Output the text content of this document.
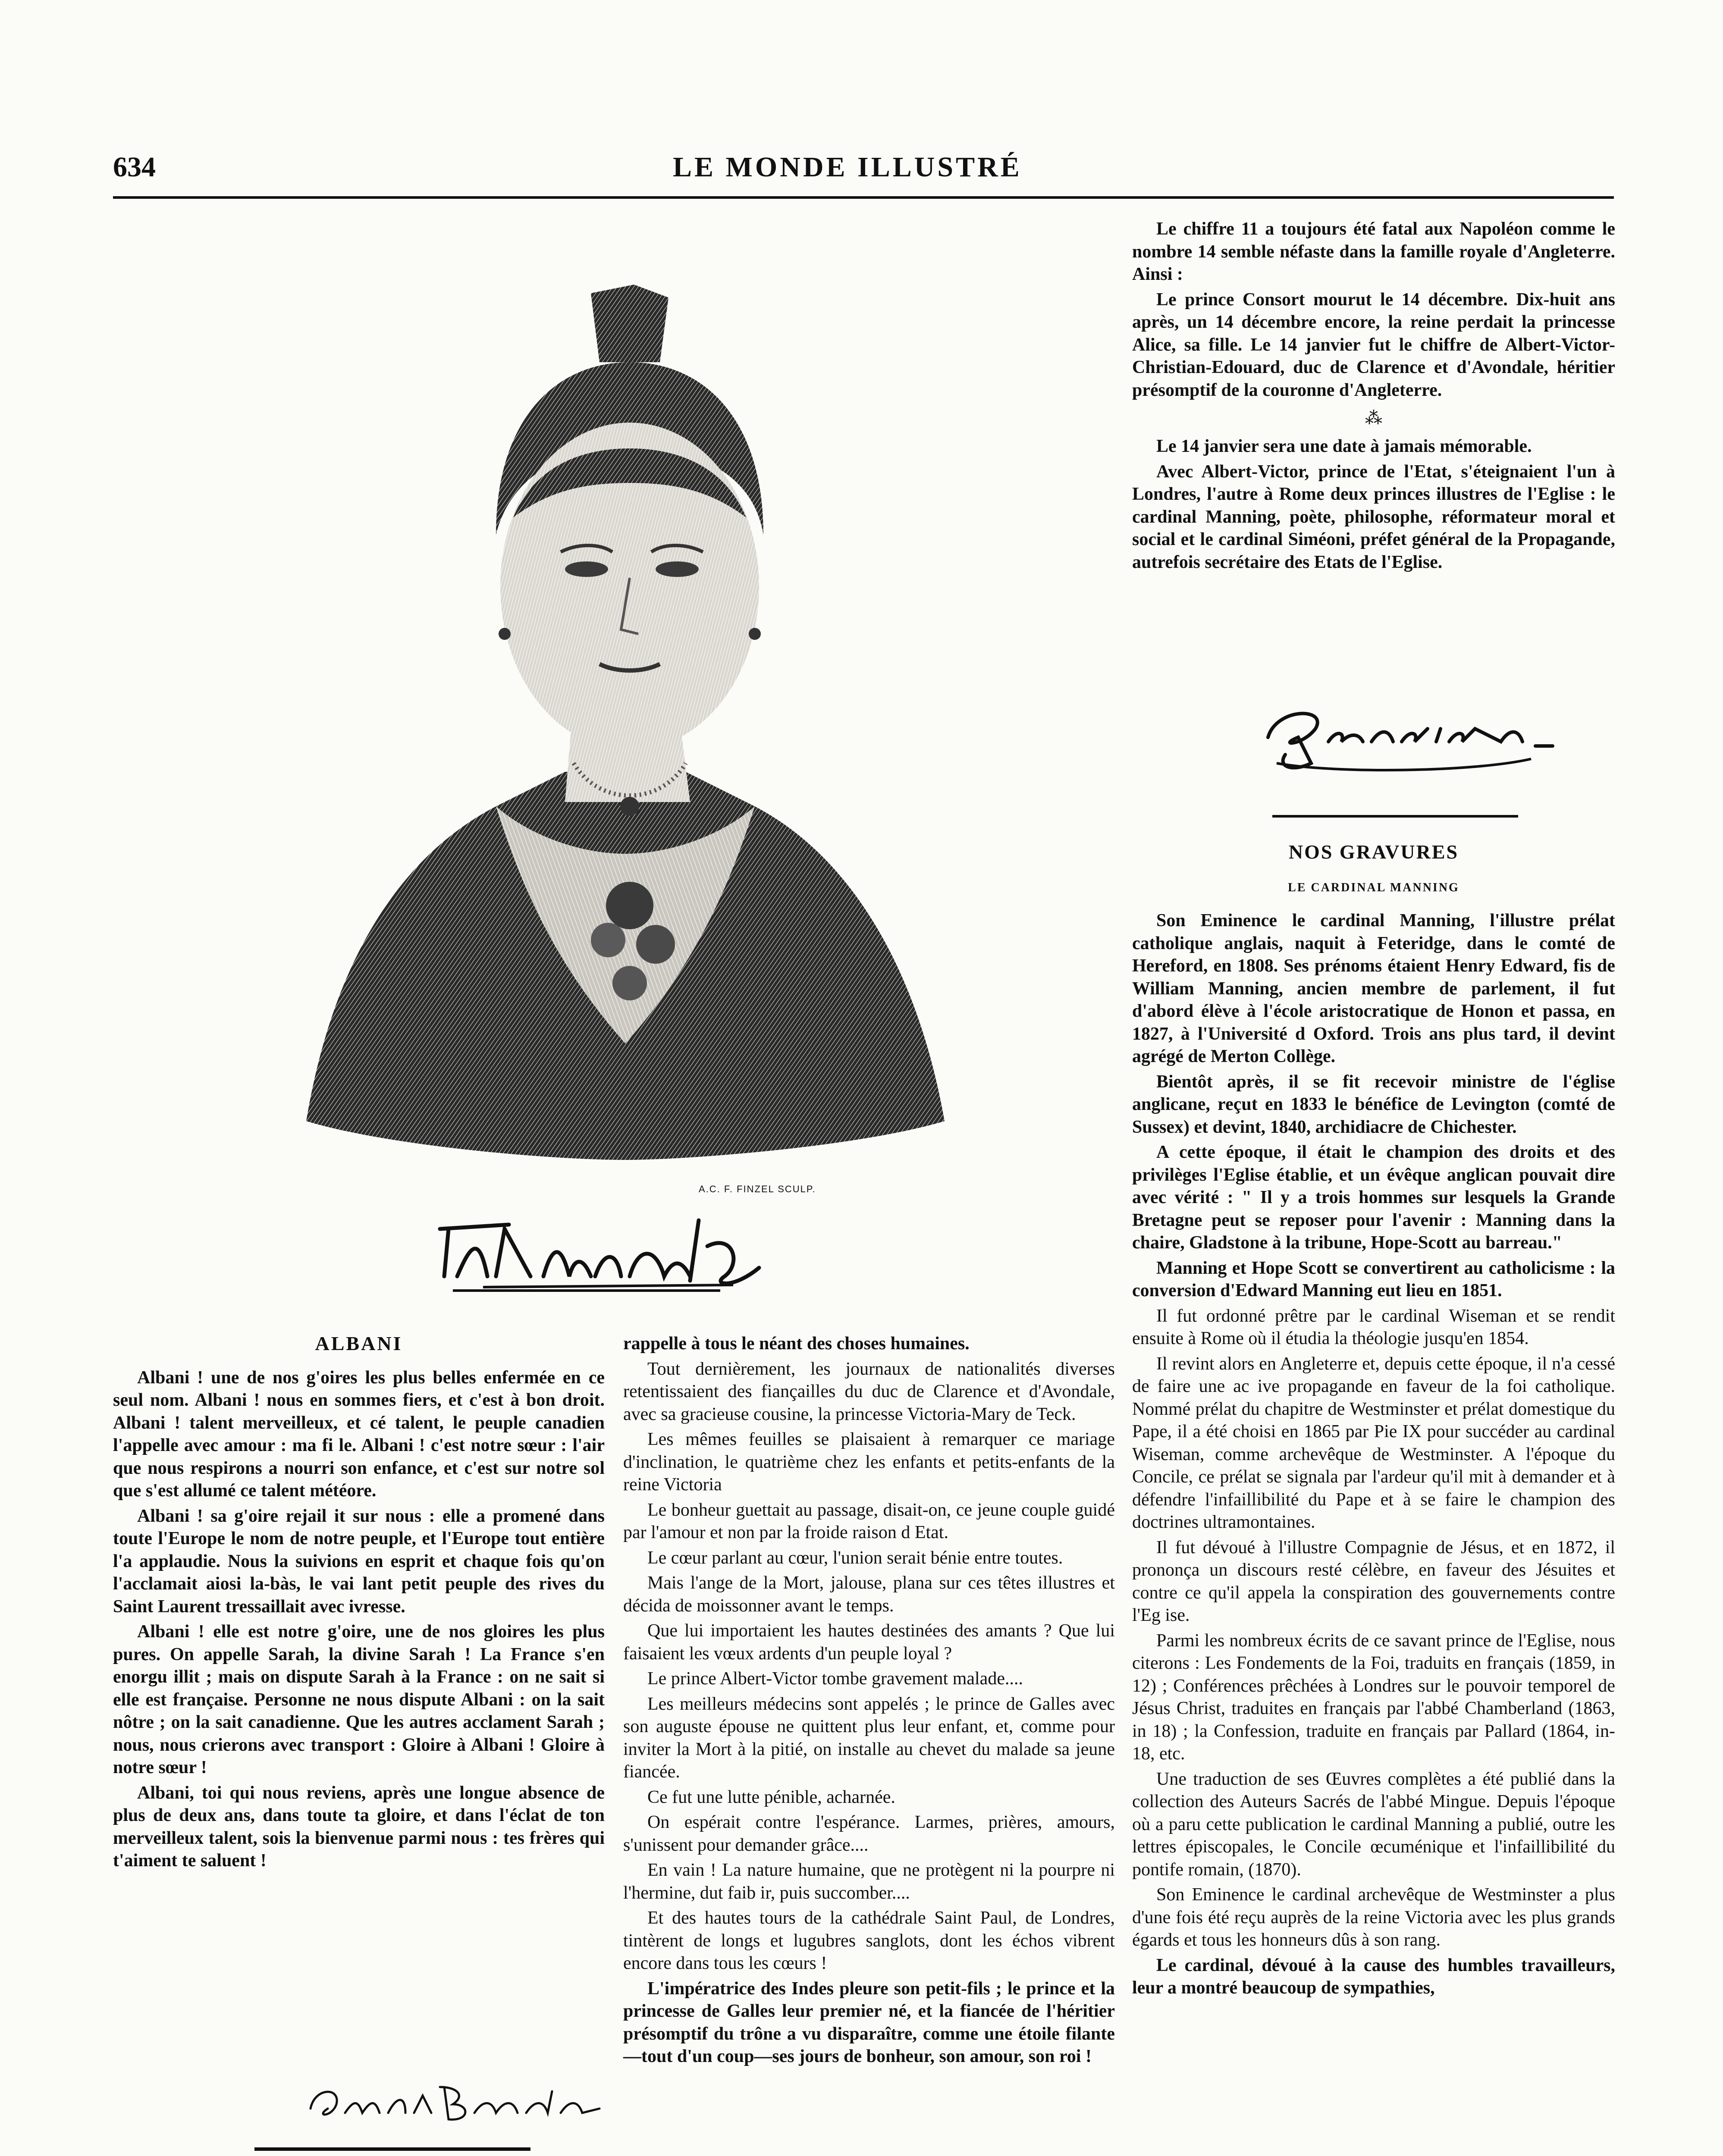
634	LE MONDE ILLUSTRÉ
A.C. F. FINZEL SCULP.
ALBANI

Albani ! une de nos g'oires les plus belles enfermée en ce seul nom. Albani ! nous en sommes fiers, et c'est à bon droit. Albani ! talent merveilleux, et cé talent, le peuple canadien l'appelle avec amour : ma fi le. Albani ! c'est notre sœur : l'air que nous respirons a nourri son enfance, et c'est sur notre sol que s'est allumé ce talent météore.

Albani ! sa g'oire rejail it sur nous : elle a promené dans toute l'Europe le nom de notre peuple, et l'Europe tout entière l'a applaudie. Nous la suivions en esprit et chaque fois qu'on l'acclamait aiosi la-bàs, le vai lant petit peuple des rives du Saint Laurent tressaillait avec ivresse.

Albani ! elle est notre g'oire, une de nos gloires les plus pures. On appelle Sarah, la divine Sarah ! La France s'en enorgu illit ; mais on dispute Sarah à la France : on ne sait si elle est française. Personne ne nous dispute Albani : on la sait nôtre ; on la sait canadienne. Que les autres acclament Sarah ; nous, nous crierons avec transport : Gloire à Albani ! Gloire à notre sœur !

Albani, toi qui nous reviens, après une longue absence de plus de deux ans, dans toute ta gloire, et dans l'éclat de ton merveilleux talent, sois la bienvenue parmi nous : tes frères qui t'aiment te saluent !

rappelle à tous le néant des choses humaines.

Tout dernièrement, les journaux de nationalités diverses retentissaient des fiançailles du duc de Clarence et d'Avondale, avec sa gracieuse cousine, la princesse Victoria-Mary de Teck.

Les mêmes feuilles se plaisaient à remarquer ce mariage d'inclination, le quatrième chez les enfants et petits-enfants de la reine Victoria

Le bonheur guettait au passage, disait-on, ce jeune couple guidé par l'amour et non par la froide raison d Etat.

Le cœur parlant au cœur, l'union serait bénie entre toutes.

Mais l'ange de la Mort, jalouse, plana sur ces têtes illustres et décida de moissonner avant le temps.

Que lui importaient les hautes destinées des amants ? Que lui faisaient les vœux ardents d'un peuple loyal ?

Le prince Albert-Victor tombe gravement malade....

Les meilleurs médecins sont appelés ; le prince de Galles avec son auguste épouse ne quittent plus leur enfant, et, comme pour inviter la Mort à la pitié, on installe au chevet du malade sa jeune fiancée.

Ce fut une lutte pénible, acharnée.

On espérait contre l'espérance. Larmes, prières, amours, s'unissent pour demander grâce....

En vain ! La nature humaine, que ne protègent ni la pourpre ni l'hermine, dut faib ir, puis succomber....

Et des hautes tours de la cathédrale Saint Paul, de Londres, tintèrent de longs et lugubres sanglots, dont les échos vibrent encore dans tous les cœurs !

L'impératrice des Indes pleure son petit-fils ; le prince et la princesse de Galles leur premier né, et la fiancée de l'héritier présomptif du trône a vu disparaître, comme une étoile filante—tout d'un coup—ses jours de bonheur, son amour, son roi !

Le chiffre 11 a toujours été fatal aux Napoléon comme le nombre 14 semble néfaste dans la famille royale d'Angleterre. Ainsi :

Le prince Consort mourut le 14 décembre. Dix-huit ans après, un 14 décembre encore, la reine perdait la princesse Alice, sa fille. Le 14 janvier fut le chiffre de Albert-Victor-Christian-Edouard, duc de Clarence et d'Avondale, héritier présomptif de la couronne d'Angleterre.

⁂

Le 14 janvier sera une date à jamais mémorable.

Avec Albert-Victor, prince de l'Etat, s'éteignaient l'un à Londres, l'autre à Rome deux princes illustres de l'Eglise : le cardinal Manning, poète, philosophe, réformateur moral et social et le cardinal Siméoni, préfet général de la Propagande, autrefois secrétaire des Etats de l'Eglise.

NOS GRAVURES
LE CARDINAL MANNING

Son Eminence le cardinal Manning, l'illustre prélat catholique anglais, naquit à Feteridge, dans le comté de Hereford, en 1808. Ses prénoms étaient Henry Edward, fis de William Manning, ancien membre de parlement, il fut d'abord élève à l'école aristocratique de Honon et passa, en 1827, à l'Université d Oxford. Trois ans plus tard, il devint agrégé de Merton Collège.

Bientôt après, il se fit recevoir ministre de l'église anglicane, reçut en 1833 le bénéfice de Levington (comté de Sussex) et devint, 1840, archidiacre de Chichester.

A cette époque, il était le champion des droits et des privilèges l'Eglise établie, et un évêque anglican pouvait dire avec vérité : " Il y a trois hommes sur lesquels la Grande Bretagne peut se reposer pour l'avenir : Manning dans la chaire, Gladstone à la tribune, Hope-Scott au barreau."

Manning et Hope Scott se convertirent au catholicisme : la conversion d'Edward Manning eut lieu en 1851.

Il fut ordonné prêtre par le cardinal Wiseman et se rendit ensuite à Rome où il étudia la théologie jusqu'en 1854.

Il revint alors en Angleterre et, depuis cette époque, il n'a cessé de faire une ac ive propagande en faveur de la foi catholique. Nommé prélat du chapitre de Westminster et prélat domestique du Pape, il a été choisi en 1865 par Pie IX pour succéder au cardinal Wiseman, comme archevêque de Westminster. A l'époque du Concile, ce prélat se signala par l'ardeur qu'il mit à demander et à défendre l'infaillibilité du Pape et à se faire le champion des doctrines ultramontaines.

Il fut dévoué à l'illustre Compagnie de Jésus, et en 1872, il prononça un discours resté célèbre, en faveur des Jésuites et contre ce qu'il appela la conspiration des gouvernements contre l'Eg ise.

Parmi les nombreux écrits de ce savant prince de l'Eglise, nous citerons : Les Fondements de la Foi, traduits en français (1859, in 12) ; Conférences prêchées à Londres sur le pouvoir temporel de Jésus Christ, traduites en français par l'abbé Chamberland (1863, in 18) ; la Confession, traduite en français par Pallard (1864, in-18, etc.

Une traduction de ses Œuvres complètes a été publié dans la collection des Auteurs Sacrés de l'abbé Mingue. Depuis l'époque où a paru cette publication le cardinal Manning a publié, outre les lettres épiscopales, le Concile œcuménique et l'infaillibilité du pontife romain, (1870).

Son Eminence le cardinal archevêque de Westminster a plus d'une fois été reçu auprès de la reine Victoria avec les plus grands égards et tous les honneurs dûs à son rang.

Le cardinal, dévoué à la cause des humbles travailleurs, leur a montré beaucoup de sympathies,
